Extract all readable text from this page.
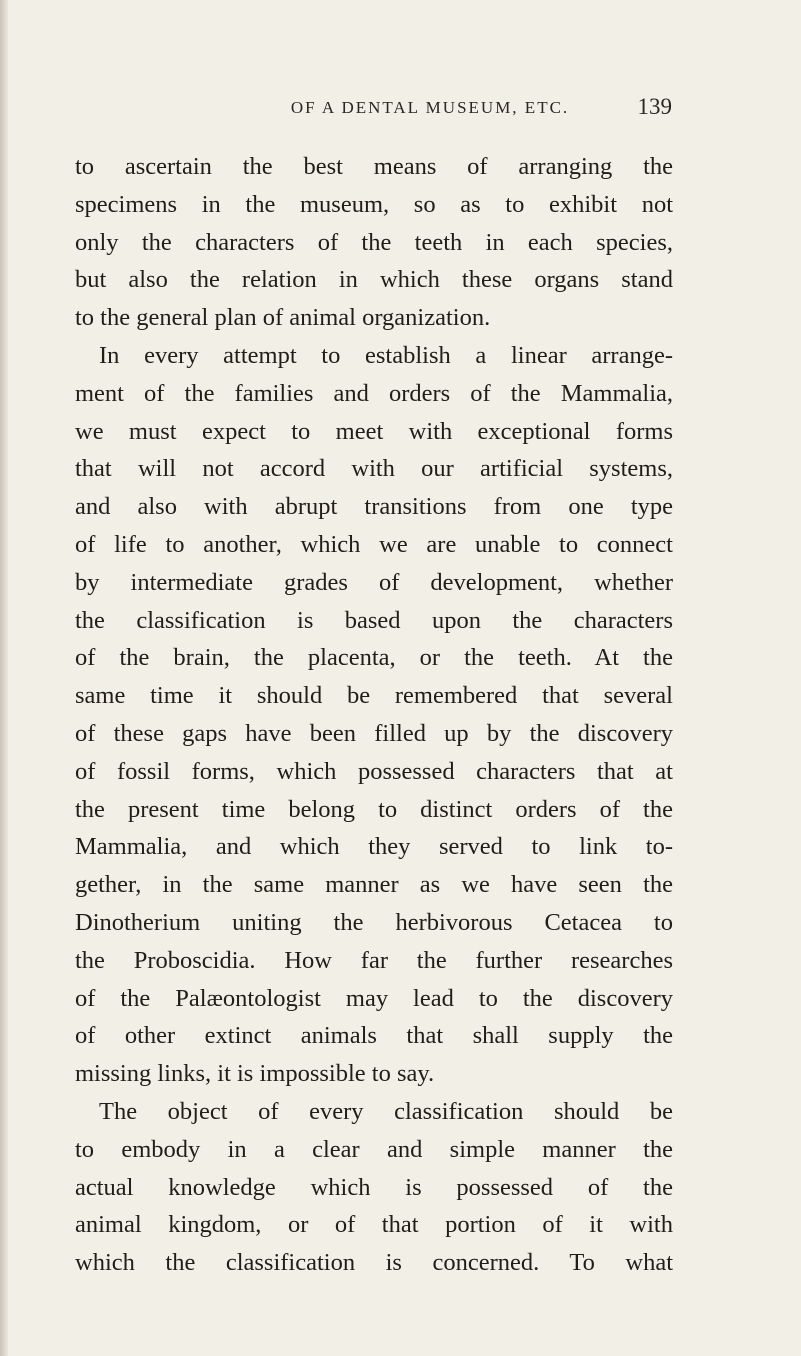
OF A DENTAL MUSEUM, ETC.	139
to ascertain the best means of arranging the
specimens in the museum, so as to exhibit not
only the characters of the teeth in each species,
but also the relation in which these organs stand
to the general plan of animal organization.
In every attempt to establish a linear arrange-
ment of the families and orders of the Mammalia,
we must expect to meet with exceptional forms
that will not accord with our artificial systems,
and also with abrupt transitions from one type
of life to another, which we are unable to connect
by intermediate grades of development, whether
the classification is based upon the characters
of the brain, the placenta, or the teeth. At the
same time it should be remembered that several
of these gaps have been filled up by the discovery
of fossil forms, which possessed characters that at
the present time belong to distinct orders of the
Mammalia, and which they served to link to-
gether, in the same manner as we have seen the
Dinotherium uniting the herbivorous Cetacea to
the Proboscidia. How far the further researches
of the Palæontologist may lead to the discovery
of other extinct animals that shall supply the
missing links, it is impossible to say.
The object of every classification should be
to embody in a clear and simple manner the
actual knowledge which is possessed of the
animal kingdom, or of that portion of it with
which the classification is concerned. To what
